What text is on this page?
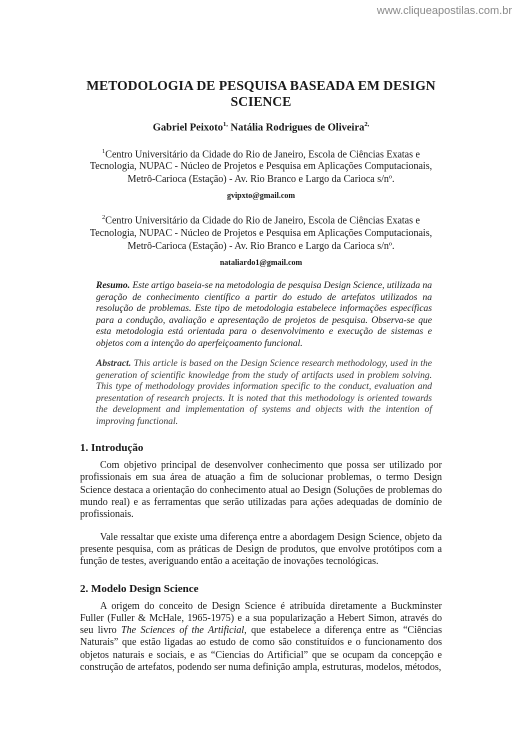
www.cliqueapostilas.com.br
METODOLOGIA DE PESQUISA BASEADA EM DESIGN SCIENCE
Gabriel Peixoto$^{1,}$ Natália Rodrigues de Oliveira$^{2,}$
$^1$Centro Universitário da Cidade do Rio de Janeiro, Escola de Ciências Exatas e Tecnologia, NUPAC - Núcleo de Projetos e Pesquisa em Aplicações Computacionais, Metrô-Carioca (Estação) - Av. Rio Branco e Largo da Carioca s/nº.
gvipxto@gmail.com
$^2$Centro Universitário da Cidade do Rio de Janeiro, Escola de Ciências Exatas e Tecnologia, NUPAC - Núcleo de Projetos e Pesquisa em Aplicações Computacionais, Metrô-Carioca (Estação) - Av. Rio Branco e Largo da Carioca s/nº.
nataliardo1@gmail.com

Resumo. Este artigo baseia-se na metodologia de pesquisa Design Science, utilizada na geração de conhecimento científico a partir do estudo de artefatos utilizados na resolução de problemas. Este tipo de metodologia estabelece informações específicas para a condução, avaliação e apresentação de projetos de pesquisa. Observa-se que esta metodologia está orientada para o desenvolvimento e execução de sistemas e objetos com a intenção do aperfeiçoamento funcional.

Abstract. This article is based on the Design Science research methodology, used in the generation of scientific knowledge from the study of artifacts used in problem solving. This type of methodology provides information specific to the conduct, evaluation and presentation of research projects. It is noted that this methodology is oriented towards the development and implementation of systems and objects with the intention of improving functional.

1. Introdução

Com objetivo principal de desenvolver conhecimento que possa ser utilizado por profissionais em sua área de atuação a fim de solucionar problemas, o termo Design Science destaca a orientação do conhecimento atual ao Design (Soluções de problemas do mundo real) e as ferramentas que serão utilizadas para ações adequadas de domínio de profissionais.

Vale ressaltar que existe uma diferença entre a abordagem Design Science, objeto da presente pesquisa, com as práticas de Design de produtos, que envolve protótipos com a função de testes, averiguando então a aceitação de inovações tecnológicas.

2. Modelo Design Science

A origem do conceito de Design Science é atribuída diretamente a Buckminster Fuller (Fuller & McHale, 1965-1975) e a sua popularização a Hebert Simon, através do seu livro The Sciences of the Artificial, que estabelece a diferença entre as “Ciências Naturais” que estão ligadas ao estudo de como são constituídos e o funcionamento dos objetos naturais e sociais, e as “Ciencias do Artificial” que se ocupam da concepção e construção de artefatos, podendo ser numa definição ampla, estruturas, modelos, métodos,
